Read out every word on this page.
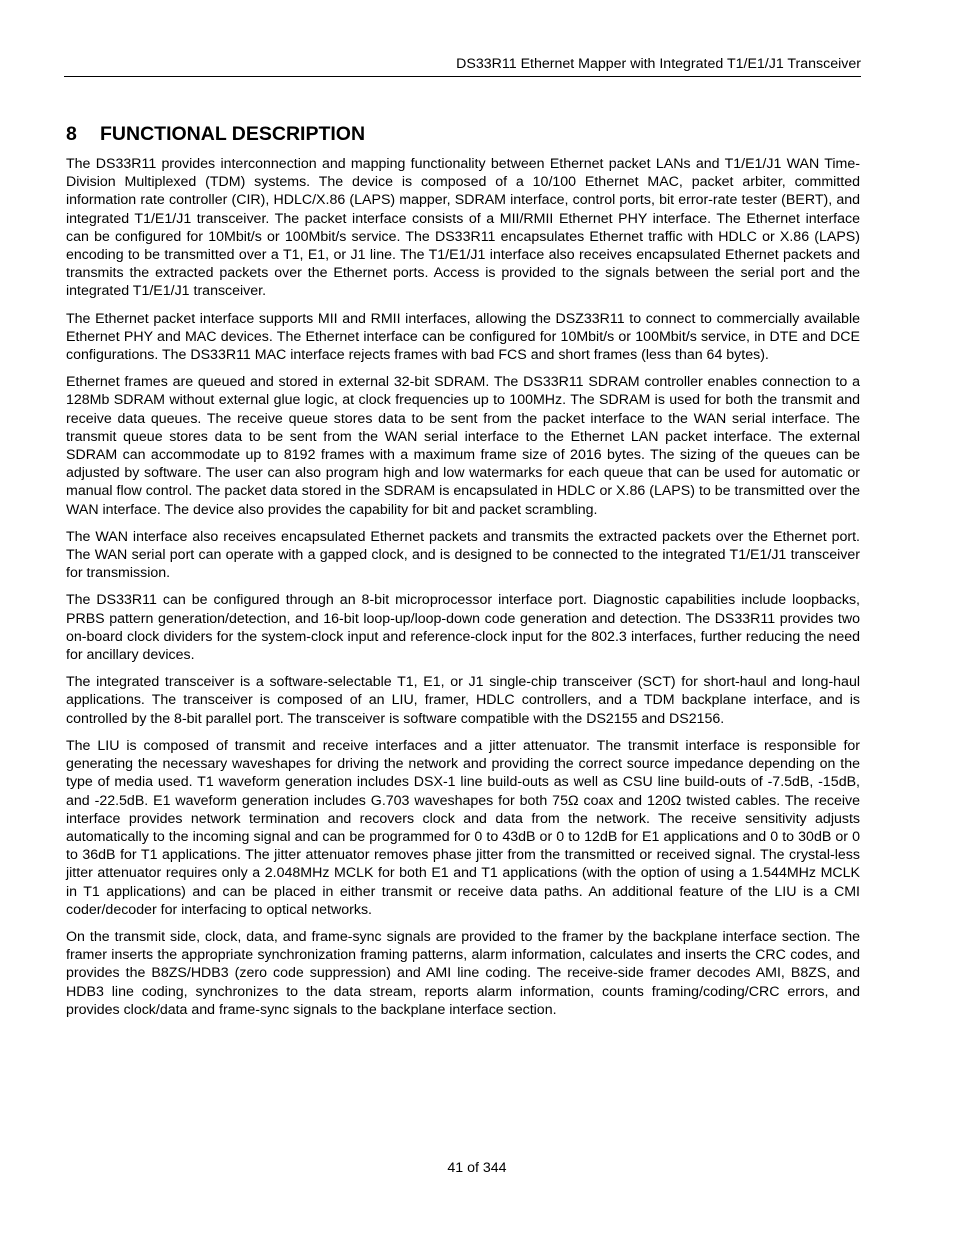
DS33R11 Ethernet Mapper with Integrated T1/E1/J1 Transceiver
8 FUNCTIONAL DESCRIPTION

The DS33R11 provides interconnection and mapping functionality between Ethernet packet LANs and T1/E1/J1 WAN Time-Division Multiplexed (TDM) systems. The device is composed of a 10/100 Ethernet MAC, packet arbiter, committed information rate controller (CIR), HDLC/X.86 (LAPS) mapper, SDRAM interface, control ports, bit error-rate tester (BERT), and integrated T1/E1/J1 transceiver. The packet interface consists of a MII/RMII Ethernet PHY interface. The Ethernet interface can be configured for 10Mbit/s or 100Mbit/s service. The DS33R11 encapsulates Ethernet traffic with HDLC or X.86 (LAPS) encoding to be transmitted over a T1, E1, or J1 line. The T1/E1/J1 interface also receives encapsulated Ethernet packets and transmits the extracted packets over the Ethernet ports. Access is provided to the signals between the serial port and the integrated T1/E1/J1 transceiver.

The Ethernet packet interface supports MII and RMII interfaces, allowing the DSZ33R11 to connect to commercially available Ethernet PHY and MAC devices. The Ethernet interface can be configured for 10Mbit/s or 100Mbit/s service, in DTE and DCE configurations. The DS33R11 MAC interface rejects frames with bad FCS and short frames (less than 64 bytes).

Ethernet frames are queued and stored in external 32-bit SDRAM. The DS33R11 SDRAM controller enables connection to a 128Mb SDRAM without external glue logic, at clock frequencies up to 100MHz. The SDRAM is used for both the transmit and receive data queues. The receive queue stores data to be sent from the packet interface to the WAN serial interface. The transmit queue stores data to be sent from the WAN serial interface to the Ethernet LAN packet interface. The external SDRAM can accommodate up to 8192 frames with a maximum frame size of 2016 bytes. The sizing of the queues can be adjusted by software. The user can also program high and low watermarks for each queue that can be used for automatic or manual flow control. The packet data stored in the SDRAM is encapsulated in HDLC or X.86 (LAPS) to be transmitted over the WAN interface. The device also provides the capability for bit and packet scrambling.

The WAN interface also receives encapsulated Ethernet packets and transmits the extracted packets over the Ethernet port. The WAN serial port can operate with a gapped clock, and is designed to be connected to the integrated T1/E1/J1 transceiver for transmission.

The DS33R11 can be configured through an 8-bit microprocessor interface port. Diagnostic capabilities include loopbacks, PRBS pattern generation/detection, and 16-bit loop-up/loop-down code generation and detection. The DS33R11 provides two on-board clock dividers for the system-clock input and reference-clock input for the 802.3 interfaces, further reducing the need for ancillary devices.

The integrated transceiver is a software-selectable T1, E1, or J1 single-chip transceiver (SCT) for short-haul and long-haul applications. The transceiver is composed of an LIU, framer, HDLC controllers, and a TDM backplane interface, and is controlled by the 8-bit parallel port. The transceiver is software compatible with the DS2155 and DS2156.

The LIU is composed of transmit and receive interfaces and a jitter attenuator. The transmit interface is responsible for generating the necessary waveshapes for driving the network and providing the correct source impedance depending on the type of media used. T1 waveform generation includes DSX-1 line build-outs as well as CSU line build-outs of -7.5dB, -15dB, and -22.5dB. E1 waveform generation includes G.703 waveshapes for both 75Ω coax and 120Ω twisted cables. The receive interface provides network termination and recovers clock and data from the network. The receive sensitivity adjusts automatically to the incoming signal and can be programmed for 0 to 43dB or 0 to 12dB for E1 applications and 0 to 30dB or 0 to 36dB for T1 applications. The jitter attenuator removes phase jitter from the transmitted or received signal. The crystal-less jitter attenuator requires only a 2.048MHz MCLK for both E1 and T1 applications (with the option of using a 1.544MHz MCLK in T1 applications) and can be placed in either transmit or receive data paths. An additional feature of the LIU is a CMI coder/decoder for interfacing to optical networks.

On the transmit side, clock, data, and frame-sync signals are provided to the framer by the backplane interface section. The framer inserts the appropriate synchronization framing patterns, alarm information, calculates and inserts the CRC codes, and provides the B8ZS/HDB3 (zero code suppression) and AMI line coding. The receive-side framer decodes AMI, B8ZS, and HDB3 line coding, synchronizes to the data stream, reports alarm information, counts framing/coding/CRC errors, and provides clock/data and frame-sync signals to the backplane interface section.

41 of 344
